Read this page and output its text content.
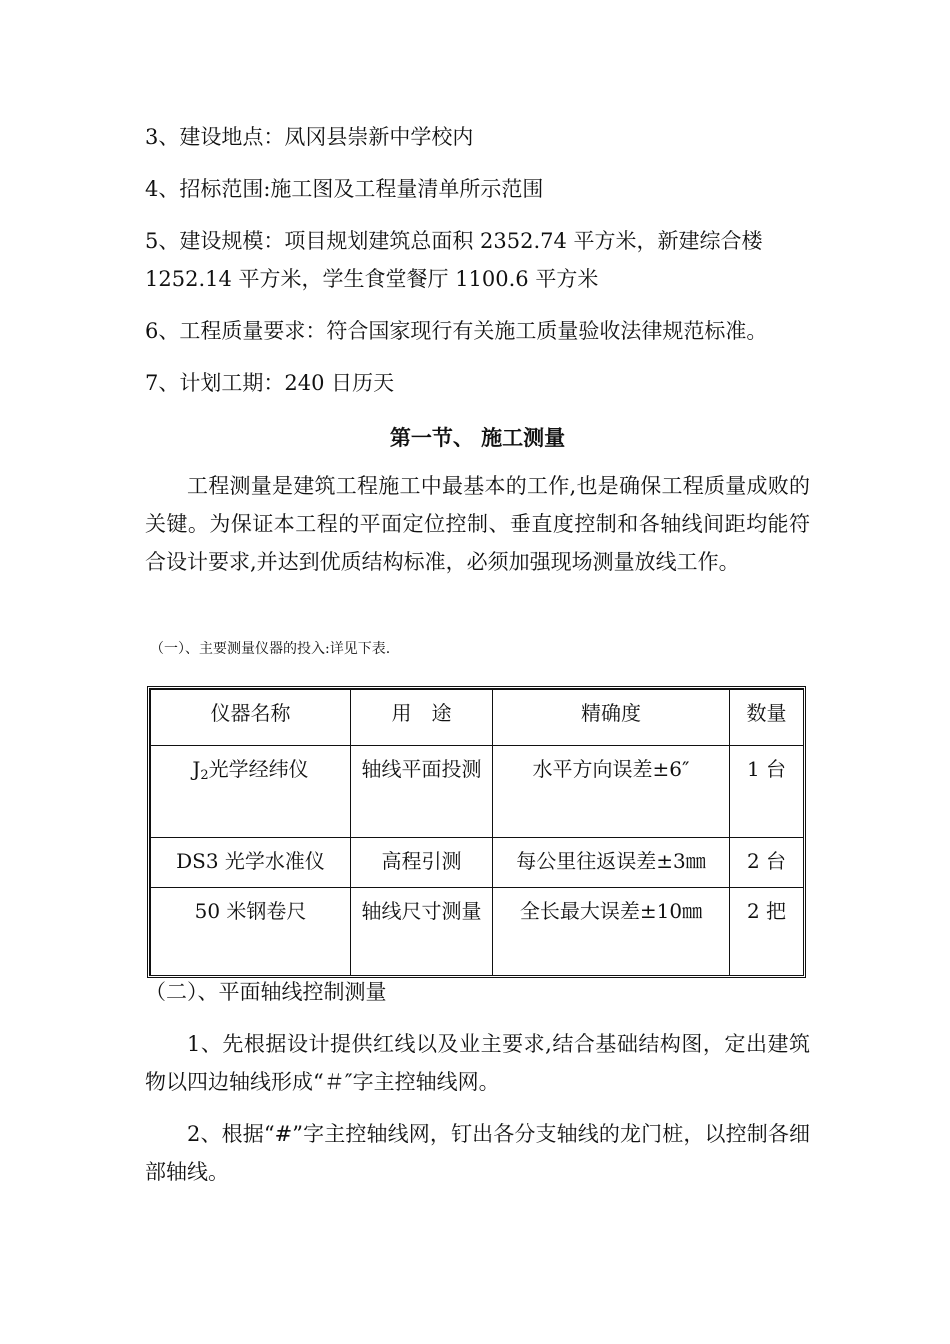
3、建设地点：凤冈县崇新中学校内

4、招标范围:施工图及工程量清单所示范围

5、建设规模：项目规划建筑总面积 2352.74 平方米，新建综合楼

1252.14 平方米，学生食堂餐厅 1100.6 平方米

6、工程质量要求：符合国家现行有关施工质量验收法律规范标准。

7、计划工期：240 日历天

第一节、 施工测量

工程测量是建筑工程施工中最基本的工作,也是确保工程质量成败的关键。为保证本工程的平面定位控制、垂直度控制和各轴线间距均能符合设计要求,并达到优质结构标准，必须加强现场测量放线工作。

（一）、主要测量仪器的投入:详见下表.
仪器名称	用　途	精确度	数量
$J_2$光学经纬仪	轴线平面投测	水平方向误差±6″	1 台
DS3 光学水准仪	高程引测	每公里往返误差±3㎜	2 台
50 米钢卷尺	轴线尺寸测量	全长最大误差±10㎜	2 把

（二）、平面轴线控制测量

1、先根据设计提供红线以及业主要求,结合基础结构图，定出建筑物以四边轴线形成“＃″字主控轴线网。

2、根据“#”字主控轴线网，钉出各分支轴线的龙门桩，以控制各细部轴线。
